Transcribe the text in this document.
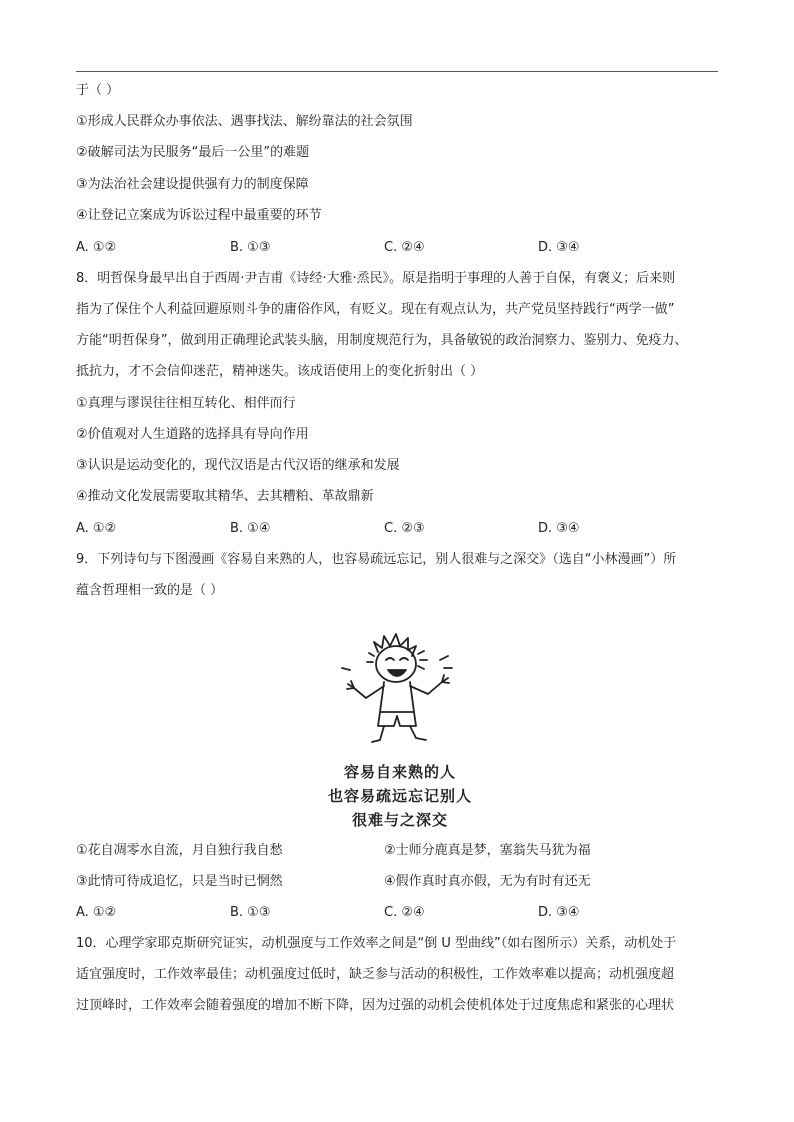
于（ ）
①形成人民群众办事依法、遇事找法、解纷靠法的社会氛围
②破解司法为民服务“最后一公里”的难题
③为法治社会建设提供强有力的制度保障
④让登记立案成为诉讼过程中最重要的环节
A. ①②	B. ①③	C. ②④	D. ③④
8．明哲保身最早出自于西周·尹吉甫《诗经·大雅·烝民》。原是指明于事理的人善于自保，有褒义；后来则
指为了保住个人利益回避原则斗争的庸俗作风，有贬义。现在有观点认为，共产党员坚持践行“两学一做”
方能“明哲保身”，做到用正确理论武装头脑，用制度规范行为，具备敏锐的政治洞察力、鉴别力、免疫力、
抵抗力，才不会信仰迷茫，精神迷失。该成语使用上的变化折射出（ ）
①真理与谬误往往相互转化、相伴而行
②价值观对人生道路的选择具有导向作用
③认识是运动变化的，现代汉语是古代汉语的继承和发展
④推动文化发展需要取其精华、去其糟粕、革故鼎新
A. ①②	B. ①④	C. ②③	D. ③④
9．下列诗句与下图漫画《容易自来熟的人，也容易疏远忘记，别人很难与之深交》（选自“小林漫画”）所
蕴含哲理相一致的是（ ）
容易自来熟的人
也容易疏远忘记别人
很难与之深交
①花自凋零水自流，月自独行我自愁	②士师分鹿真是梦，塞翁失马犹为福
③此情可待成追忆，只是当时已惘然	④假作真时真亦假，无为有时有还无
A. ①②	B. ①③	C. ②④	D. ③④
10．心理学家耶克斯研究证实，动机强度与工作效率之间是“倒 U 型曲线”（如右图所示）关系，动机处于
适宜强度时，工作效率最佳；动机强度过低时，缺乏参与活动的积极性，工作效率难以提高；动机强度超
过顶峰时，工作效率会随着强度的增加不断下降，因为过强的动机会使机体处于过度焦虑和紧张的心理状
